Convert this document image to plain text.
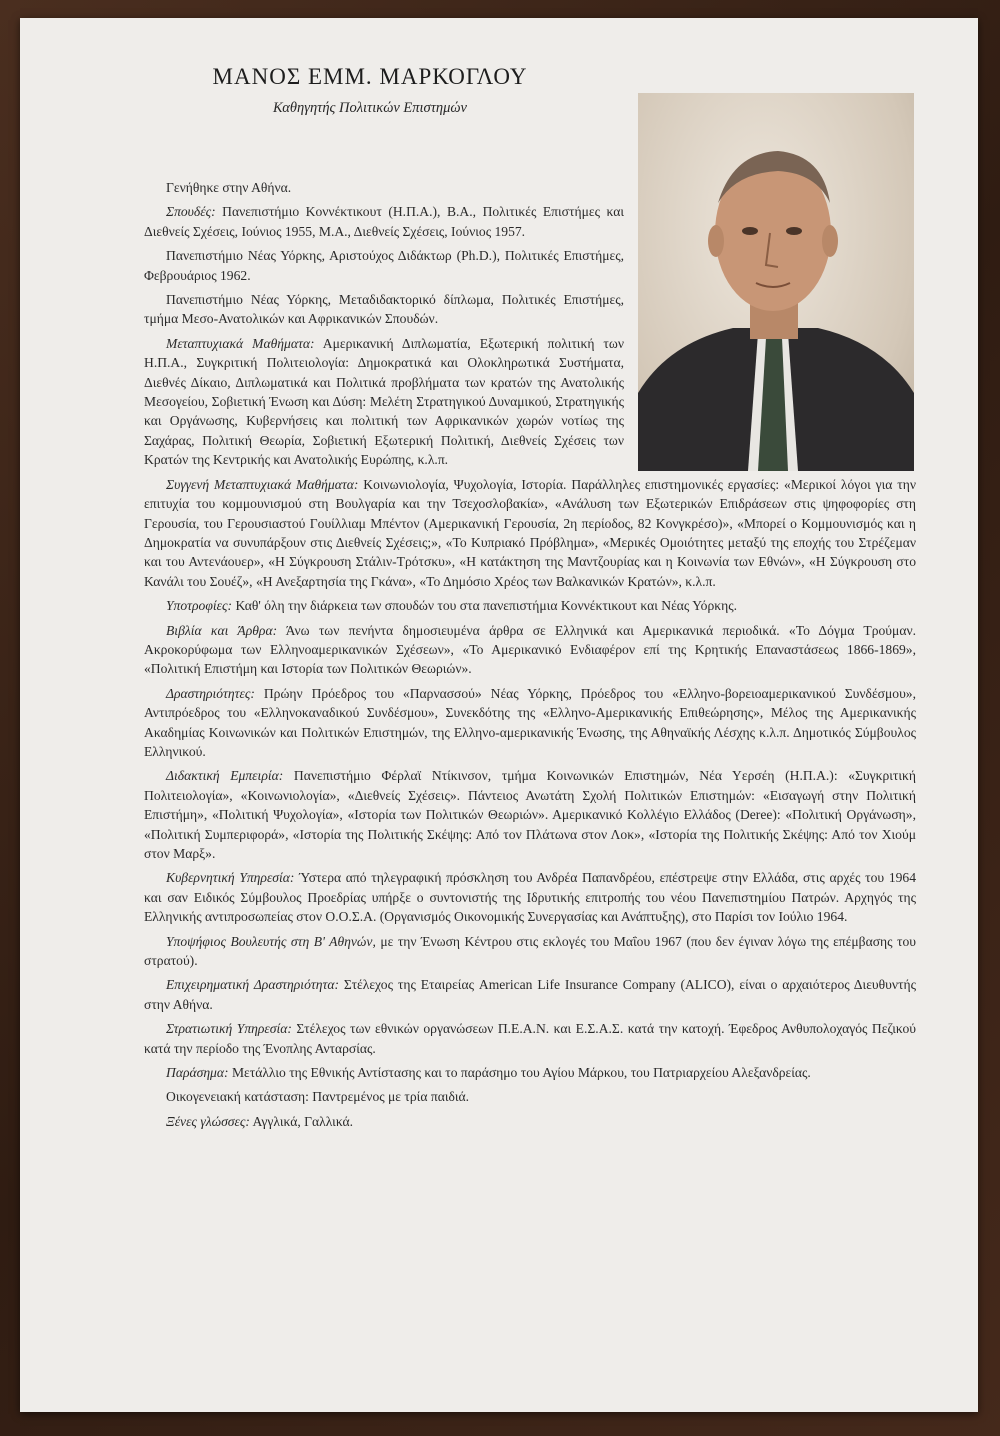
ΜΑΝΟΣ ΕΜΜ. ΜΑΡΚΟΓΛΟΥ
Καθηγητής Πολιτικών Επιστημών

Γενήθηκε στην Αθήνα.

Σπουδές: Πανεπιστήμιο Κοννέκτικουτ (Η.Π.Α.), Β.Α., Πολιτικές Επιστήμες και Διεθνείς Σχέσεις, Ιούνιος 1955, Μ.Α., Διεθνείς Σχέσεις, Ιούνιος 1957.

Πανεπιστήμιο Νέας Υόρκης, Αριστούχος Διδάκτωρ (Ph.D.), Πολιτικές Επιστήμες, Φεβρουάριος 1962.

Πανεπιστήμιο Νέας Υόρκης, Μεταδιδακτορικό δίπλωμα, Πολιτικές Επιστήμες, τμήμα Μεσο-Ανατολικών και Αφρικανικών Σπουδών.

Μεταπτυχιακά Μαθήματα: Αμερικανική Διπλωματία, Εξωτερική πολιτική των Η.Π.Α., Συγκριτική Πολιτειολογία: Δημοκρατικά και Ολοκληρωτικά Συστήματα, Διεθνές Δίκαιο, Διπλωματικά και Πολιτικά προβλήματα των κρατών της Ανατολικής Μεσογείου, Σοβιετική Ένωση και Δύση: Μελέτη Στρατηγικού Δυναμικού, Στρατηγικής και Οργάνωσης, Κυβερνήσεις και πολιτική των Αφρικανικών χωρών νοτίως της Σαχάρας, Πολιτική Θεωρία, Σοβιετική Εξωτερική Πολιτική, Διεθνείς Σχέσεις των Κρατών της Κεντρικής και Ανατολικής Ευρώπης, κ.λ.π.

Συγγενή Μεταπτυχιακά Μαθήματα: Κοινωνιολογία, Ψυχολογία, Ιστορία. Παράλληλες επιστημονικές εργασίες: «Μερικοί λόγοι για την επιτυχία του κομμουνισμού στη Βουλγαρία και την Τσεχοσλοβακία», «Ανάλυση των Εξωτερικών Επιδράσεων στις ψηφοφορίες στη Γερουσία, του Γερουσιαστού Γουίλλιαμ Μπέντον (Αμερικανική Γερουσία, 2η περίοδος, 82 Κονγκρέσο)», «Μπορεί ο Κομμουνισμός και η Δημοκρατία να συνυπάρξουν στις Διεθνείς Σχέσεις;», «Το Κυπριακό Πρόβλημα», «Μερικές Ομοιότητες μεταξύ της εποχής του Στρέζεμαν και του Αντενάουερ», «Η Σύγκρουση Στάλιν-Τρότσκυ», «Η κατάκτηση της Μαντζουρίας και η Κοινωνία των Εθνών», «Η Σύγκρουση στο Κανάλι του Σουέζ», «Η Ανεξαρτησία της Γκάνα», «Το Δημόσιο Χρέος των Βαλκανικών Κρατών», κ.λ.π.

Υποτροφίες: Καθ' όλη την διάρκεια των σπουδών του στα πανεπιστήμια Κοννέκτικουτ και Νέας Υόρκης.

Βιβλία και Άρθρα: Άνω των πενήντα δημοσιευμένα άρθρα σε Ελληνικά και Αμερικανικά περιοδικά. «Το Δόγμα Τρούμαν. Ακροκορύφωμα των Ελληνοαμερικανικών Σχέσεων», «Το Αμερικανικό Ενδιαφέρον επί της Κρητικής Επαναστάσεως 1866-1869», «Πολιτική Επιστήμη και Ιστορία των Πολιτικών Θεωριών».

Δραστηριότητες: Πρώην Πρόεδρος του «Παρνασσού» Νέας Υόρκης, Πρόεδρος του «Ελληνο-βορειοαμερικανικού Συνδέσμου», Αντιπρόεδρος του «Ελληνοκαναδικού Συνδέσμου», Συνεκδότης της «Ελληνο-Αμερικανικής Επιθεώρησης», Μέλος της Αμερικανικής Ακαδημίας Κοινωνικών και Πολιτικών Επιστημών, της Ελληνο-αμερικανικής Ένωσης, της Αθηναϊκής Λέσχης κ.λ.π. Δημοτικός Σύμβουλος Ελληνικού.

Διδακτική Εμπειρία: Πανεπιστήμιο Φέρλαϊ Ντίκινσον, τμήμα Κοινωνικών Επιστημών, Νέα Υερσέη (Η.Π.Α.): «Συγκριτική Πολιτειολογία», «Κοινωνιολογία», «Διεθνείς Σχέσεις». Πάντειος Ανωτάτη Σχολή Πολιτικών Επιστημών: «Εισαγωγή στην Πολιτική Επιστήμη», «Πολιτική Ψυχολογία», «Ιστορία των Πολιτικών Θεωριών». Αμερικανικό Κολλέγιο Ελλάδος (Deree): «Πολιτική Οργάνωση», «Πολιτική Συμπεριφορά», «Ιστορία της Πολιτικής Σκέψης: Από τον Πλάτωνα στον Λοκ», «Ιστορία της Πολιτικής Σκέψης: Από τον Χιούμ στον Μαρξ».

Κυβερνητική Υπηρεσία: Ύστερα από τηλεγραφική πρόσκληση του Ανδρέα Παπανδρέου, επέστρεψε στην Ελλάδα, στις αρχές του 1964 και σαν Ειδικός Σύμβουλος Προεδρίας υπήρξε ο συντονιστής της Ιδρυτικής επιτροπής του νέου Πανεπιστημίου Πατρών. Αρχηγός της Ελληνικής αντιπροσωπείας στον Ο.Ο.Σ.Α. (Οργανισμός Οικονομικής Συνεργασίας και Ανάπτυξης), στο Παρίσι τον Ιούλιο 1964.

Υποψήφιος Βουλευτής στη Β' Αθηνών, με την Ένωση Κέντρου στις εκλογές του Μαΐου 1967 (που δεν έγιναν λόγω της επέμβασης του στρατού).

Επιχειρηματική Δραστηριότητα: Στέλεχος της Εταιρείας American Life Insurance Company (ALICO), είναι ο αρχαιότερος Διευθυντής στην Αθήνα.

Στρατιωτική Υπηρεσία: Στέλεχος των εθνικών οργανώσεων Π.Ε.Α.Ν. και Ε.Σ.Α.Σ. κατά την κατοχή. Έφεδρος Ανθυπολοχαγός Πεζικού κατά την περίοδο της Ένοπλης Ανταρσίας.

Παράσημα: Μετάλλιο της Εθνικής Αντίστασης και το παράσημο του Αγίου Μάρκου, του Πατριαρχείου Αλεξανδρείας.

Οικογενειακή κατάσταση: Παντρεμένος με τρία παιδιά.

Ξένες γλώσσες: Αγγλικά, Γαλλικά.
